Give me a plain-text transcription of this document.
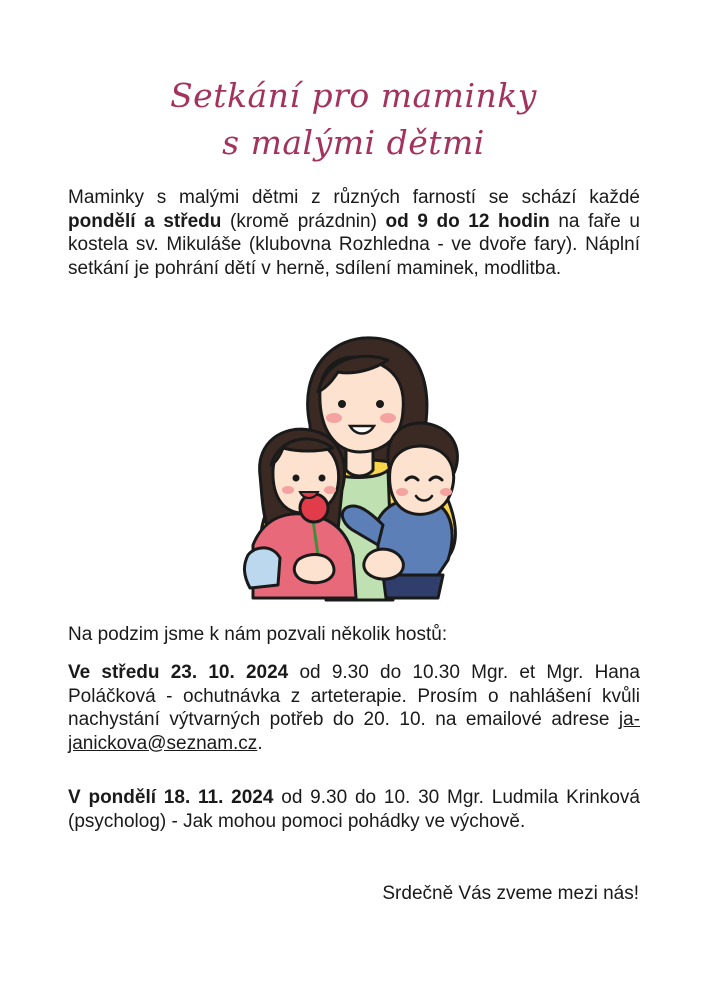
Setkání pro maminky
s malými dětmi

Maminky s malými dětmi z různých farností se schází každé pondělí a středu (kromě prázdnin) od 9 do 12 hodin na faře u kostela sv. Mikuláše (klubovna Rozhledna - ve dvoře fary). Náplní setkání je pohrání dětí v herně, sdílení maminek, modlitba.

Na podzim jsme k nám pozvali několik hostů:

Ve středu 23. 10. 2024 od 9.30 do 10.30 Mgr. et Mgr. Hana Poláčková - ochutnávka z arteterapie. Prosím o nahlášení kvůli nachystání výtvarných potřeb do 20. 10. na emailové adrese ja-janickova@seznam.cz.

V pondělí 18. 11. 2024 od 9.30 do 10. 30 Mgr. Ludmila Krinková (psycholog) - Jak mohou pomoci pohádky ve výchově.

Srdečně Vás zveme mezi nás!
